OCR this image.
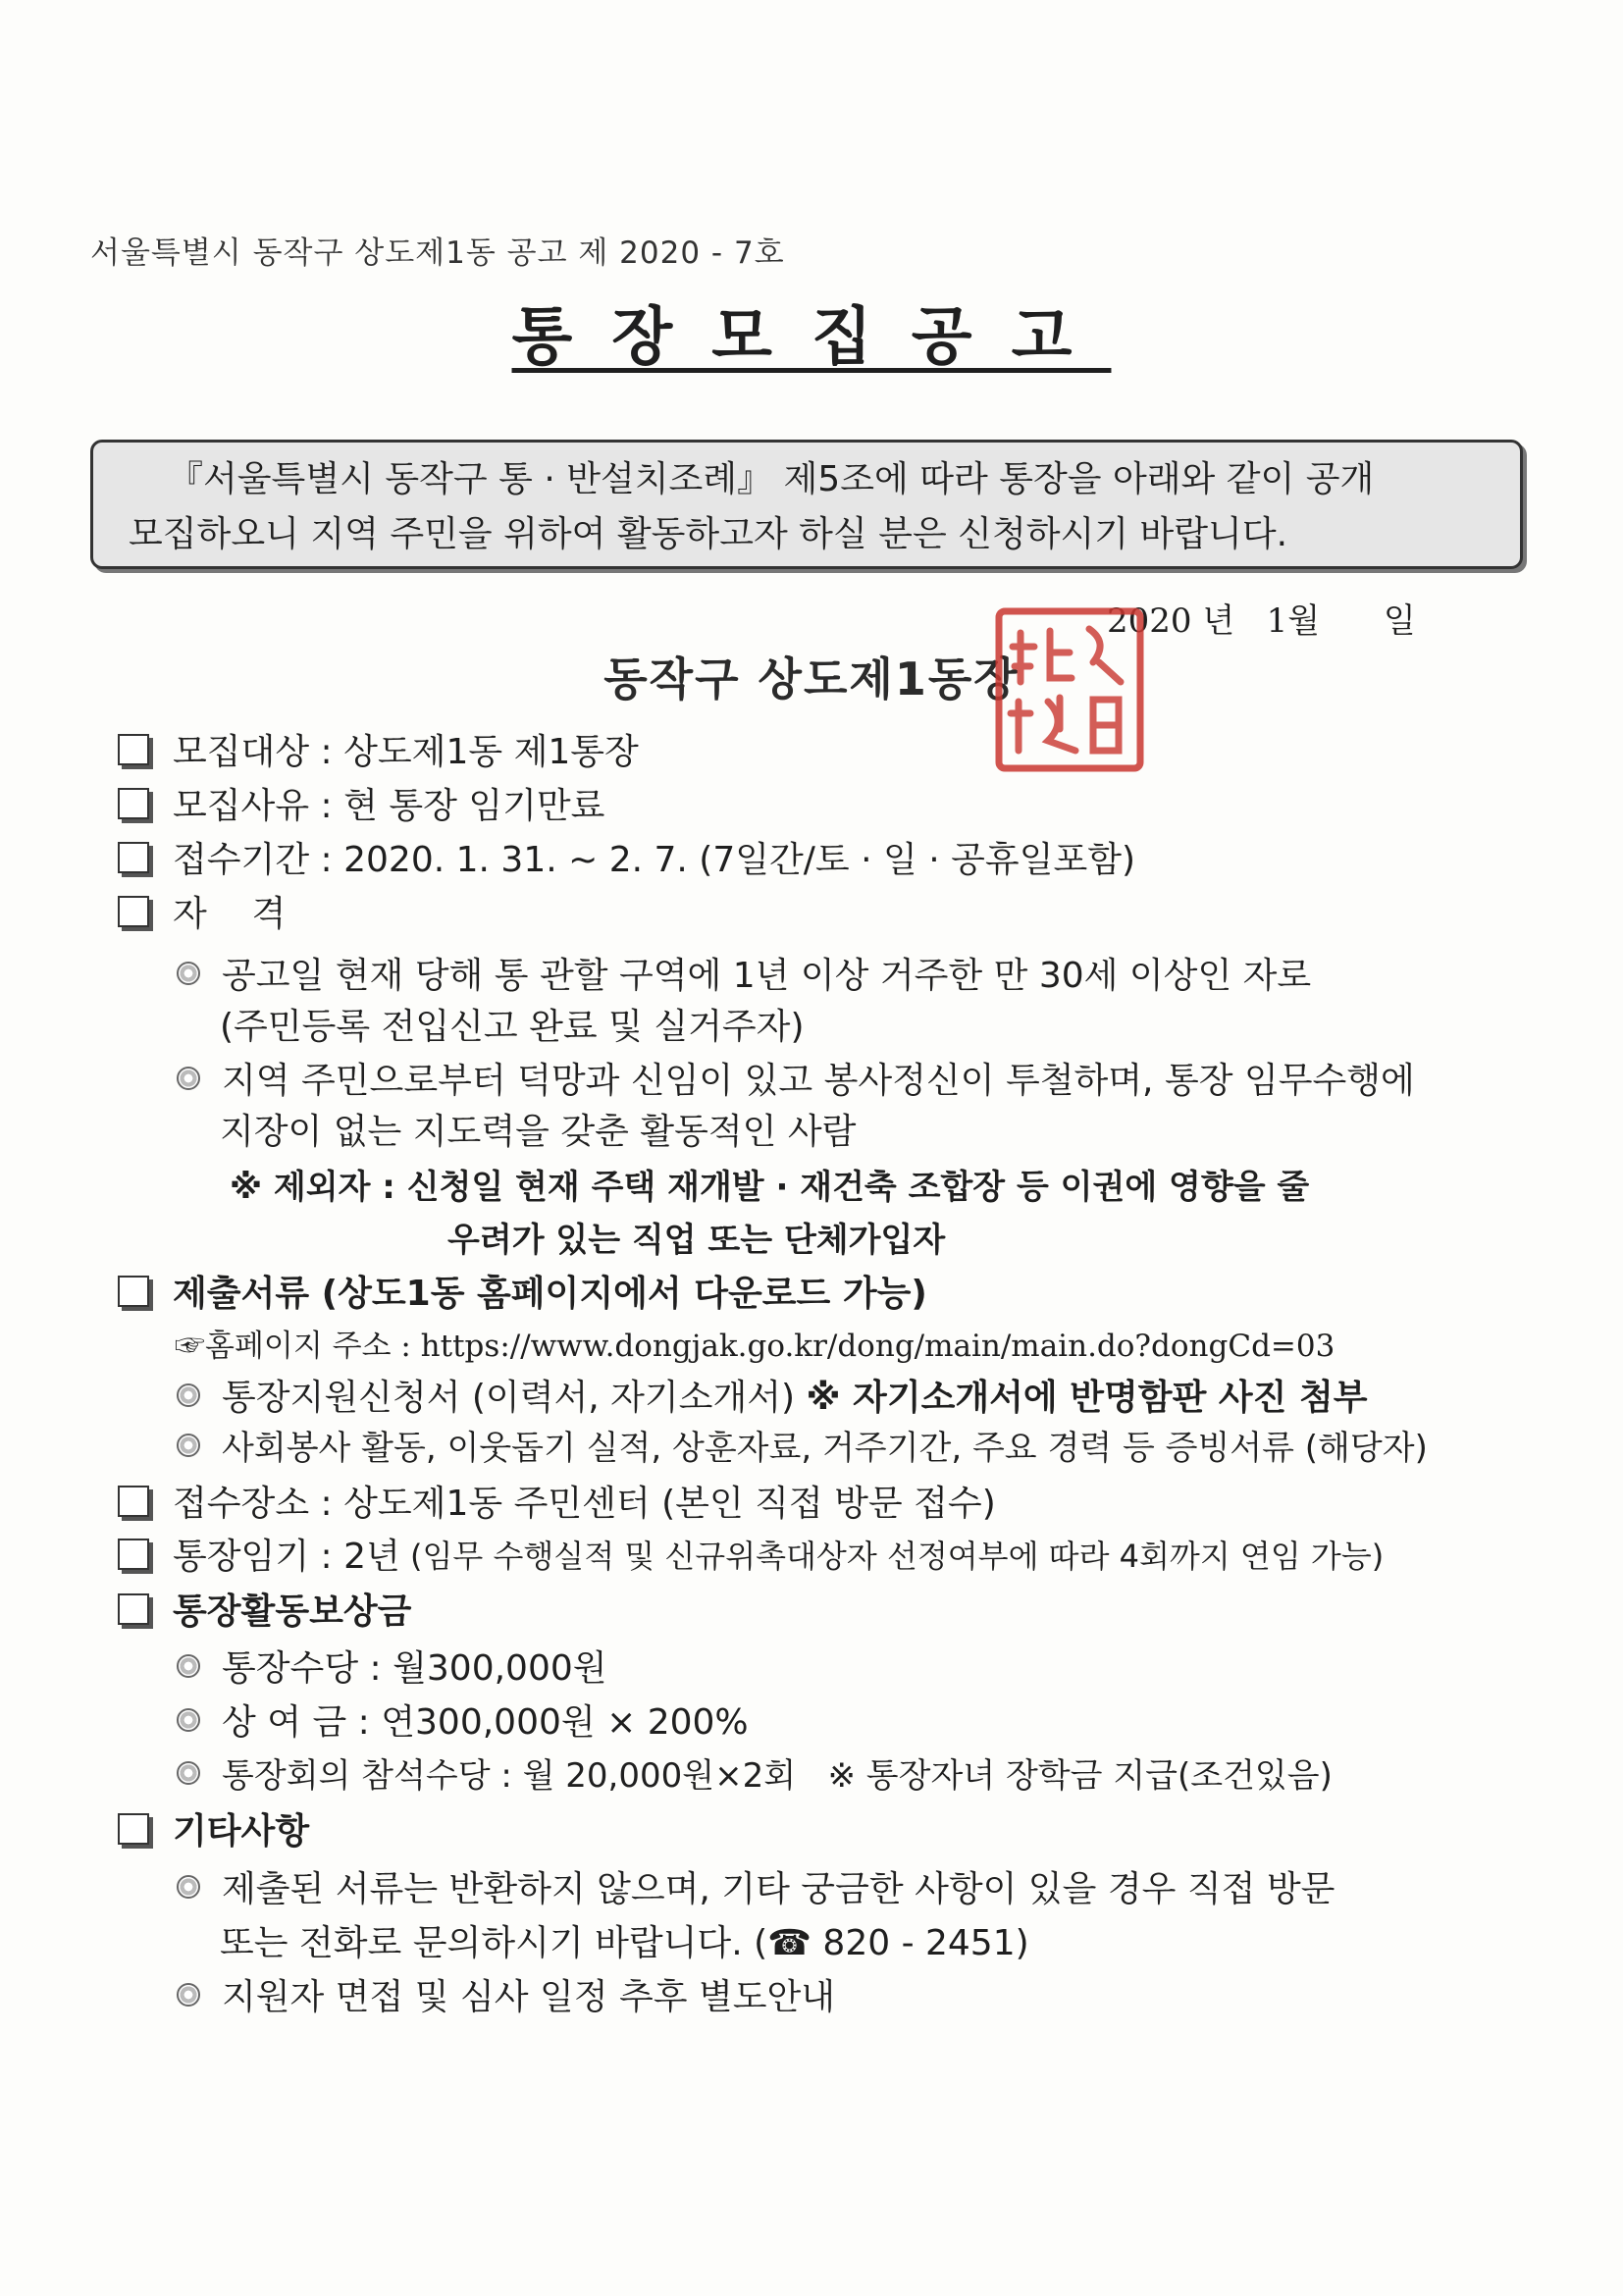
서울특별시 동작구 상도제1동 공고 제 2020 - 7호
통장모집공고
『서울특별시 동작구 통 · 반설치조례』 제5조에 따라 통장을 아래와 같이 공개
모집하오니 지역 주민을 위하여 활동하고자 하실 분은 신청하시기 바랍니다.
2020 년   1월      일
동작구 상도제1동장
모집대상 : 상도제1동 제1통장
모집사유 : 현 통장 임기만료
접수기간 : 2020. 1. 31. ~ 2. 7. (7일간/토 · 일 · 공휴일포함)
자    격
공고일 현재 당해 통 관할 구역에 1년 이상 거주한 만 30세 이상인 자로
(주민등록 전입신고 완료 및 실거주자)
지역 주민으로부터 덕망과 신임이 있고 봉사정신이 투철하며, 통장 임무수행에
지장이 없는 지도력을 갖춘 활동적인 사람
※ 제외자 : 신청일 현재 주택 재개발 · 재건축 조합장 등 이권에 영향을 줄
우려가 있는 직업 또는 단체가입자
제출서류 (상도1동 홈페이지에서 다운로드 가능)
☞홈페이지 주소 : https://www.dongjak.go.kr/dong/main/main.do?dongCd=03
통장지원신청서 (이력서, 자기소개서) ※ 자기소개서에 반명함판 사진 첨부
사회봉사 활동, 이웃돕기 실적, 상훈자료, 거주기간, 주요 경력 등 증빙서류 (해당자)
접수장소 : 상도제1동 주민센터 (본인 직접 방문 접수)
통장임기 : 2년 (임무 수행실적 및 신규위촉대상자 선정여부에 따라 4회까지 연임 가능)
통장활동보상금
통장수당 : 월300,000원
상 여 금 : 연300,000원 × 200%
통장회의 참석수당 : 월 20,000원×2회   ※ 통장자녀 장학금 지급(조건있음)
기타사항
제출된 서류는 반환하지 않으며, 기타 궁금한 사항이 있을 경우 직접 방문
또는 전화로 문의하시기 바랍니다. (☎ 820 - 2451)
지원자 면접 및 심사 일정 추후 별도안내
